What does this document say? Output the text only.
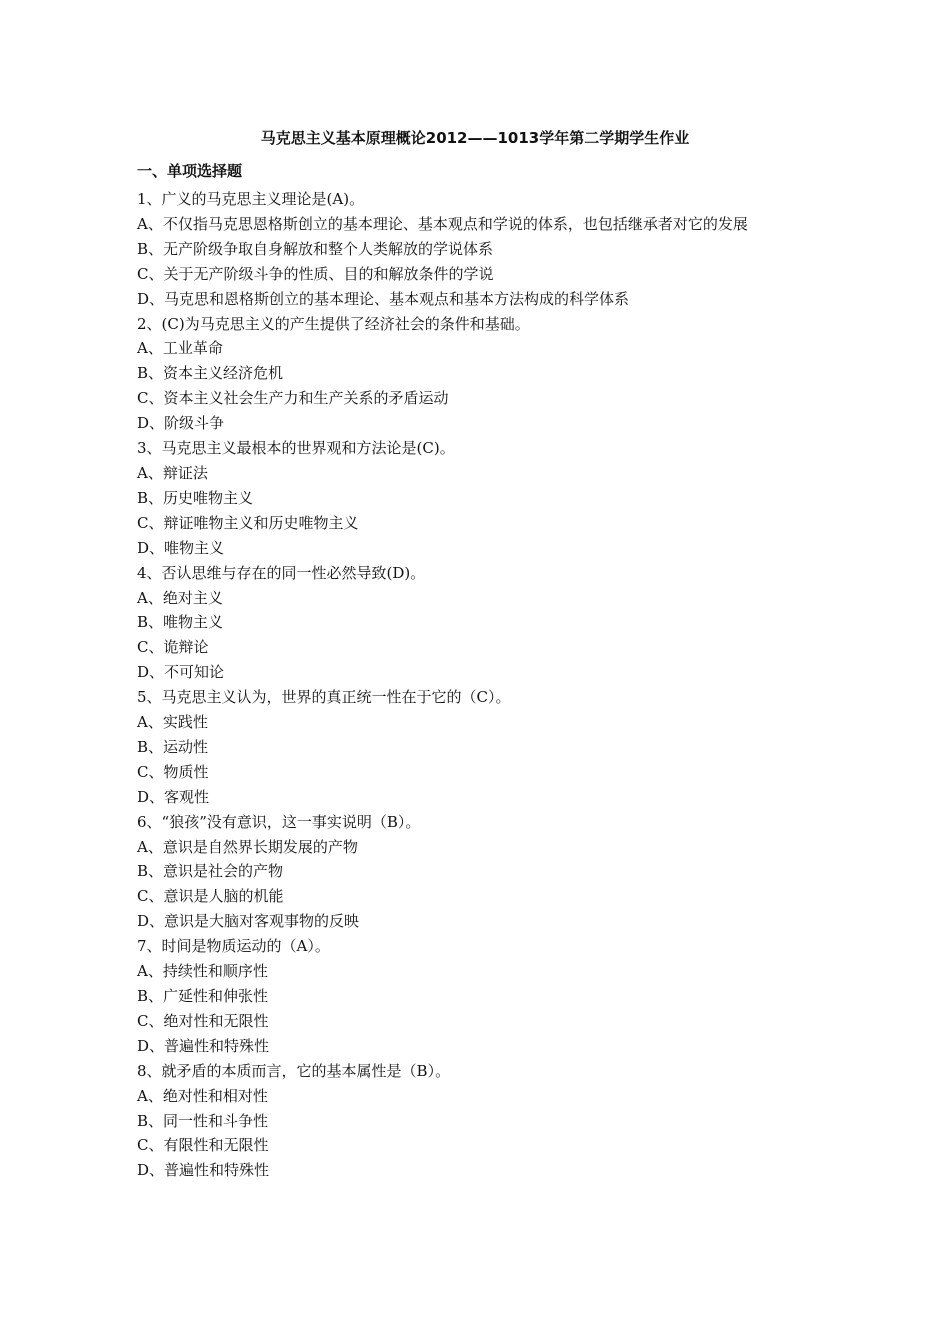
马克思主义基本原理概论2012——1013学年第二学期学生作业
一、单项选择题
1、广义的马克思主义理论是(A)。
A、不仅指马克思恩格斯创立的基本理论、基本观点和学说的体系，也包括继承者对它的发展
B、无产阶级争取自身解放和整个人类解放的学说体系
C、关于无产阶级斗争的性质、目的和解放条件的学说
D、马克思和恩格斯创立的基本理论、基本观点和基本方法构成的科学体系
2、(C)为马克思主义的产生提供了经济社会的条件和基础。
A、工业革命
B、资本主义经济危机
C、资本主义社会生产力和生产关系的矛盾运动
D、阶级斗争
3、马克思主义最根本的世界观和方法论是(C)。
A、辩证法
B、历史唯物主义
C、辩证唯物主义和历史唯物主义
D、唯物主义
4、否认思维与存在的同一性必然导致(D)。
A、绝对主义
B、唯物主义
C、诡辩论
D、不可知论
5、马克思主义认为，世界的真正统一性在于它的（C）。
A、实践性
B、运动性
C、物质性
D、客观性
6、“狼孩”没有意识，这一事实说明（B）。
A、意识是自然界长期发展的产物
B、意识是社会的产物
C、意识是人脑的机能
D、意识是大脑对客观事物的反映
7、时间是物质运动的（A）。
A、持续性和顺序性
B、广延性和伸张性
C、绝对性和无限性
D、普遍性和特殊性
8、就矛盾的本质而言，它的基本属性是（B）。
A、绝对性和相对性
B、同一性和斗争性
C、有限性和无限性
D、普遍性和特殊性
